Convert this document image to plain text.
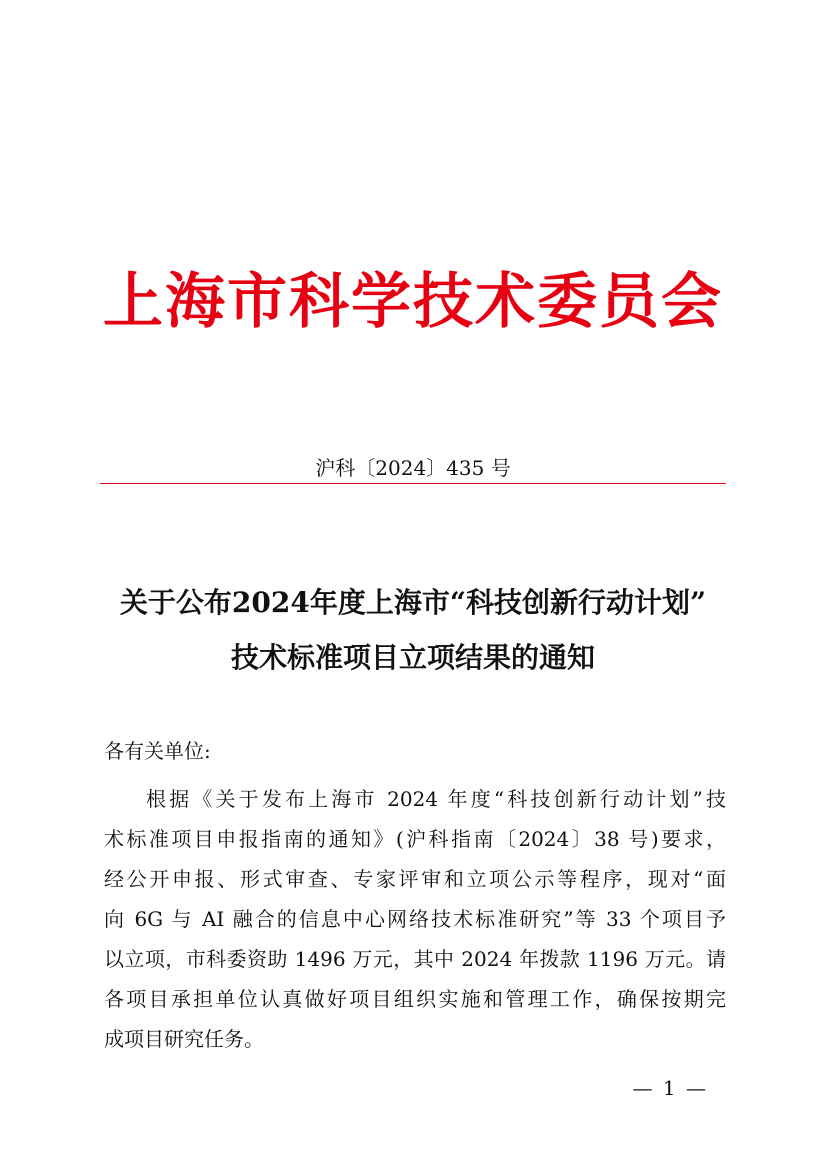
上海市科学技术委员会
沪科〔2024〕435 号
关于公布2024年度上海市“科技创新行动计划”
技术标准项目立项结果的通知
各有关单位:
根据《关于发布上海市 2024 年度“科技创新行动计划”技
术标准项目申报指南的通知》(沪科指南〔2024〕38 号)要求，
经公开申报、形式审查、专家评审和立项公示等程序，现对“面
向 6G 与 AI 融合的信息中心网络技术标准研究”等 33 个项目予
以立项，市科委资助 1496 万元，其中 2024 年拨款 1196 万元。请
各项目承担单位认真做好项目组织实施和管理工作，确保按期完
成项目研究任务。
— 1 —
